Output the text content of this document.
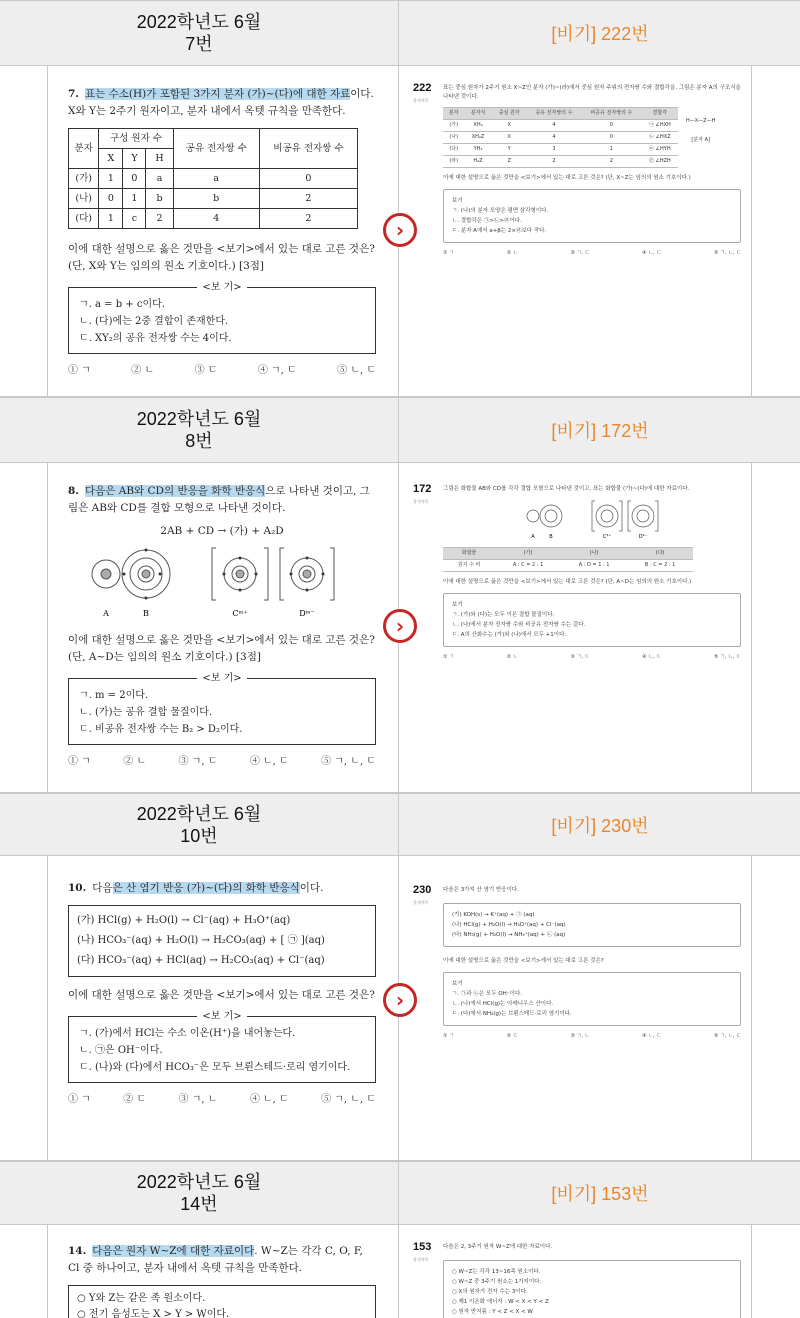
2022학년도 6월
7번	[비기] 222번
7. 표는 수소(H)가 포함된 3가지 분자 (가)~(다)에 대한 자료이다. X와 Y는 2주기 원자이고, 분자 내에서 옥텟 규칙을 만족한다.
분자	구성 원자 수			공유 전자쌍 수	비공유 전자쌍 수
	X	Y	H		
(가)	1	0	a	a	0
(나)	0	1	b	b	2
(다)	1	c	2	4	2
이에 대한 설명으로 옳은 것만을 <보기>에서 있는 대로 고른 것은? (단, X와 Y는 임의의 원소 기호이다.) [3점]
<보 기>
ㄱ. a = b + c이다.
ㄴ. (다)에는 2중 결합이 존재한다.
ㄷ. XY₂의 공유 전자쌍 수는 4이다.
① ㄱ	② ㄴ	③ ㄷ	④ ㄱ, ㄷ	⑤ ㄴ, ㄷ
222
출제예측
표는 중심 원자가 2주기 원소 X~Z인 분자 (가)~(라)에서 중심 원자 주위의 전자쌍 수와 결합각을, 그림은 분자 A의 구조식을 나타낸 것이다.
분자	분자식	중심 원자	공유 전자쌍의 수	비공유 전자쌍의 수	결합각
(가)	XH₄	X	4	0	㉠ ∠HXH
(나)	XH₂Z	X	4	0	㉡ ∠HXZ
(다)	YH₃	Y	3	1	㉢ ∠HYH
(라)	H₂Z	Z	2	2	㉣ ∠HZH
H—X—Z—H
[분자 A]
이에 대한 설명으로 옳은 것만을 <보기>에서 있는 대로 고른 것은? (단, X~Z는 임의의 원소 기호이다.)
보기
ㄱ. (나)의 분자 모양은 평면 삼각형이다.
ㄴ. 결합각은 ㉠>㉡>㉣이다.
ㄷ. 분자 A에서 a+β는 2×㉣보다 작다.
① ㄱ	② ㄴ	③ ㄱ, ㄷ	④ ㄴ, ㄷ	⑤ ㄱ, ㄴ, ㄷ
›
2022학년도 6월
8번	[비기] 172번
8. 다음은 AB와 CD의 반응을 화학 반응식으로 나타낸 것이고, 그림은 AB와 CD를 결합 모형으로 나타낸 것이다.
2AB + CD → (가) + A₂D
A	B	Cᵐ⁺	Dᵐ⁻
이에 대한 설명으로 옳은 것만을 <보기>에서 있는 대로 고른 것은? (단, A~D는 임의의 원소 기호이다.) [3점]
<보 기>
ㄱ. m = 2이다.
ㄴ. (가)는 공유 결합 물질이다.
ㄷ. 비공유 전자쌍 수는 B₂ > D₂이다.
① ㄱ	② ㄴ	③ ㄱ, ㄷ	④ ㄴ, ㄷ	⑤ ㄱ, ㄴ, ㄷ
172
출제예측
그림은 화합물 AB와 CD를 각각 결합 모형으로 나타낸 것이고, 표는 화합물 (가)~(다)에 대한 자료이다.
A	B	C²⁺	D²⁻
화합물	(가)	(나)	(다)
원자 수 비	A : C = 2 : 1	A : D = 1 : 1	B : C = 2 : 1
이에 대한 설명으로 옳은 것만을 <보기>에서 있는 대로 고른 것은? (단, A~D는 임의의 원소 기호이다.)
보기
ㄱ. (가)와 (다)는 모두 이온 결합 물질이다.
ㄴ. (나)에서 분자 전자쌍 수와 비공유 전자쌍 수는 같다.
ㄷ. A의 산화수는 (가)와 (나)에서 모두 +1이다.
① ㄱ	② ㄴ	③ ㄱ, ㄷ	④ ㄴ, ㄷ	⑤ ㄱ, ㄴ, ㄷ
›
2022학년도 6월
10번	[비기] 230번
10. 다음은 산 염기 반응 (가)~(다)의 화학 반응식이다.
(가) HCl(g) + H₂O(l) → Cl⁻(aq) + H₃O⁺(aq)
(나) HCO₃⁻(aq) + H₂O(l) → H₂CO₃(aq) + [ ㉠ ](aq)
(다) HCO₃⁻(aq) + HCl(aq) → H₂CO₃(aq) + Cl⁻(aq)
이에 대한 설명으로 옳은 것만을 <보기>에서 있는 대로 고른 것은?
<보 기>
ㄱ. (가)에서 HCl는 수소 이온(H⁺)을 내어놓는다.
ㄴ. ㉠은 OH⁻이다.
ㄷ. (나)와 (다)에서 HCO₃⁻은 모두 브뢴스테드·로리 염기이다.
① ㄱ	② ㄷ	③ ㄱ, ㄴ	④ ㄴ, ㄷ	⑤ ㄱ, ㄴ, ㄷ
230
출제예측
다음은 3가지 산 염기 반응이다.
(가) KOH(s) → K⁺(aq) + ㉠ (aq)
(나) HCl(g) + H₂O(l) → H₃O⁺(aq) + Cl⁻(aq)
(다) NH₃(g) + H₂O(l) → NH₄⁺(aq) + ㉡ (aq)
이에 대한 설명으로 옳은 것만을 <보기>에서 있는 대로 고른 것은?
보기
ㄱ. ㉠과 ㉡은 모두 OH⁻이다.
ㄴ. (나)에서 HCl(g)는 아레니우스 산이다.
ㄷ. (다)에서 NH₃(g)는 브뢴스테드·로리 염기이다.
① ㄱ	② ㄷ	③ ㄱ, ㄴ	④ ㄴ, ㄷ	⑤ ㄱ, ㄴ, ㄷ
›
2022학년도 6월
14번	[비기] 153번
14. 다음은 원자 W~Z에 대한 자료이다. W~Z는 각각 C, O, F, Cl 중 하나이고, 분자 내에서 옥텟 규칙을 만족한다.
○ Y와 Z는 같은 족 원소이다.
○ 전기 음성도는 X > Y > W이다.
153
출제예측
다음은 2, 3주기 원자 W~Z에 대한 자료이다.
○ W~Z는 각각 13~16족 원소이다.
○ W~Z 중 3주기 원소는 1가지이다.
○ X의 원자가 전자 수는 3이다.
○ 제1 이온화 에너지 : W < X < Y < Z
○ 원자 반지름 : Y < Z < X < W
